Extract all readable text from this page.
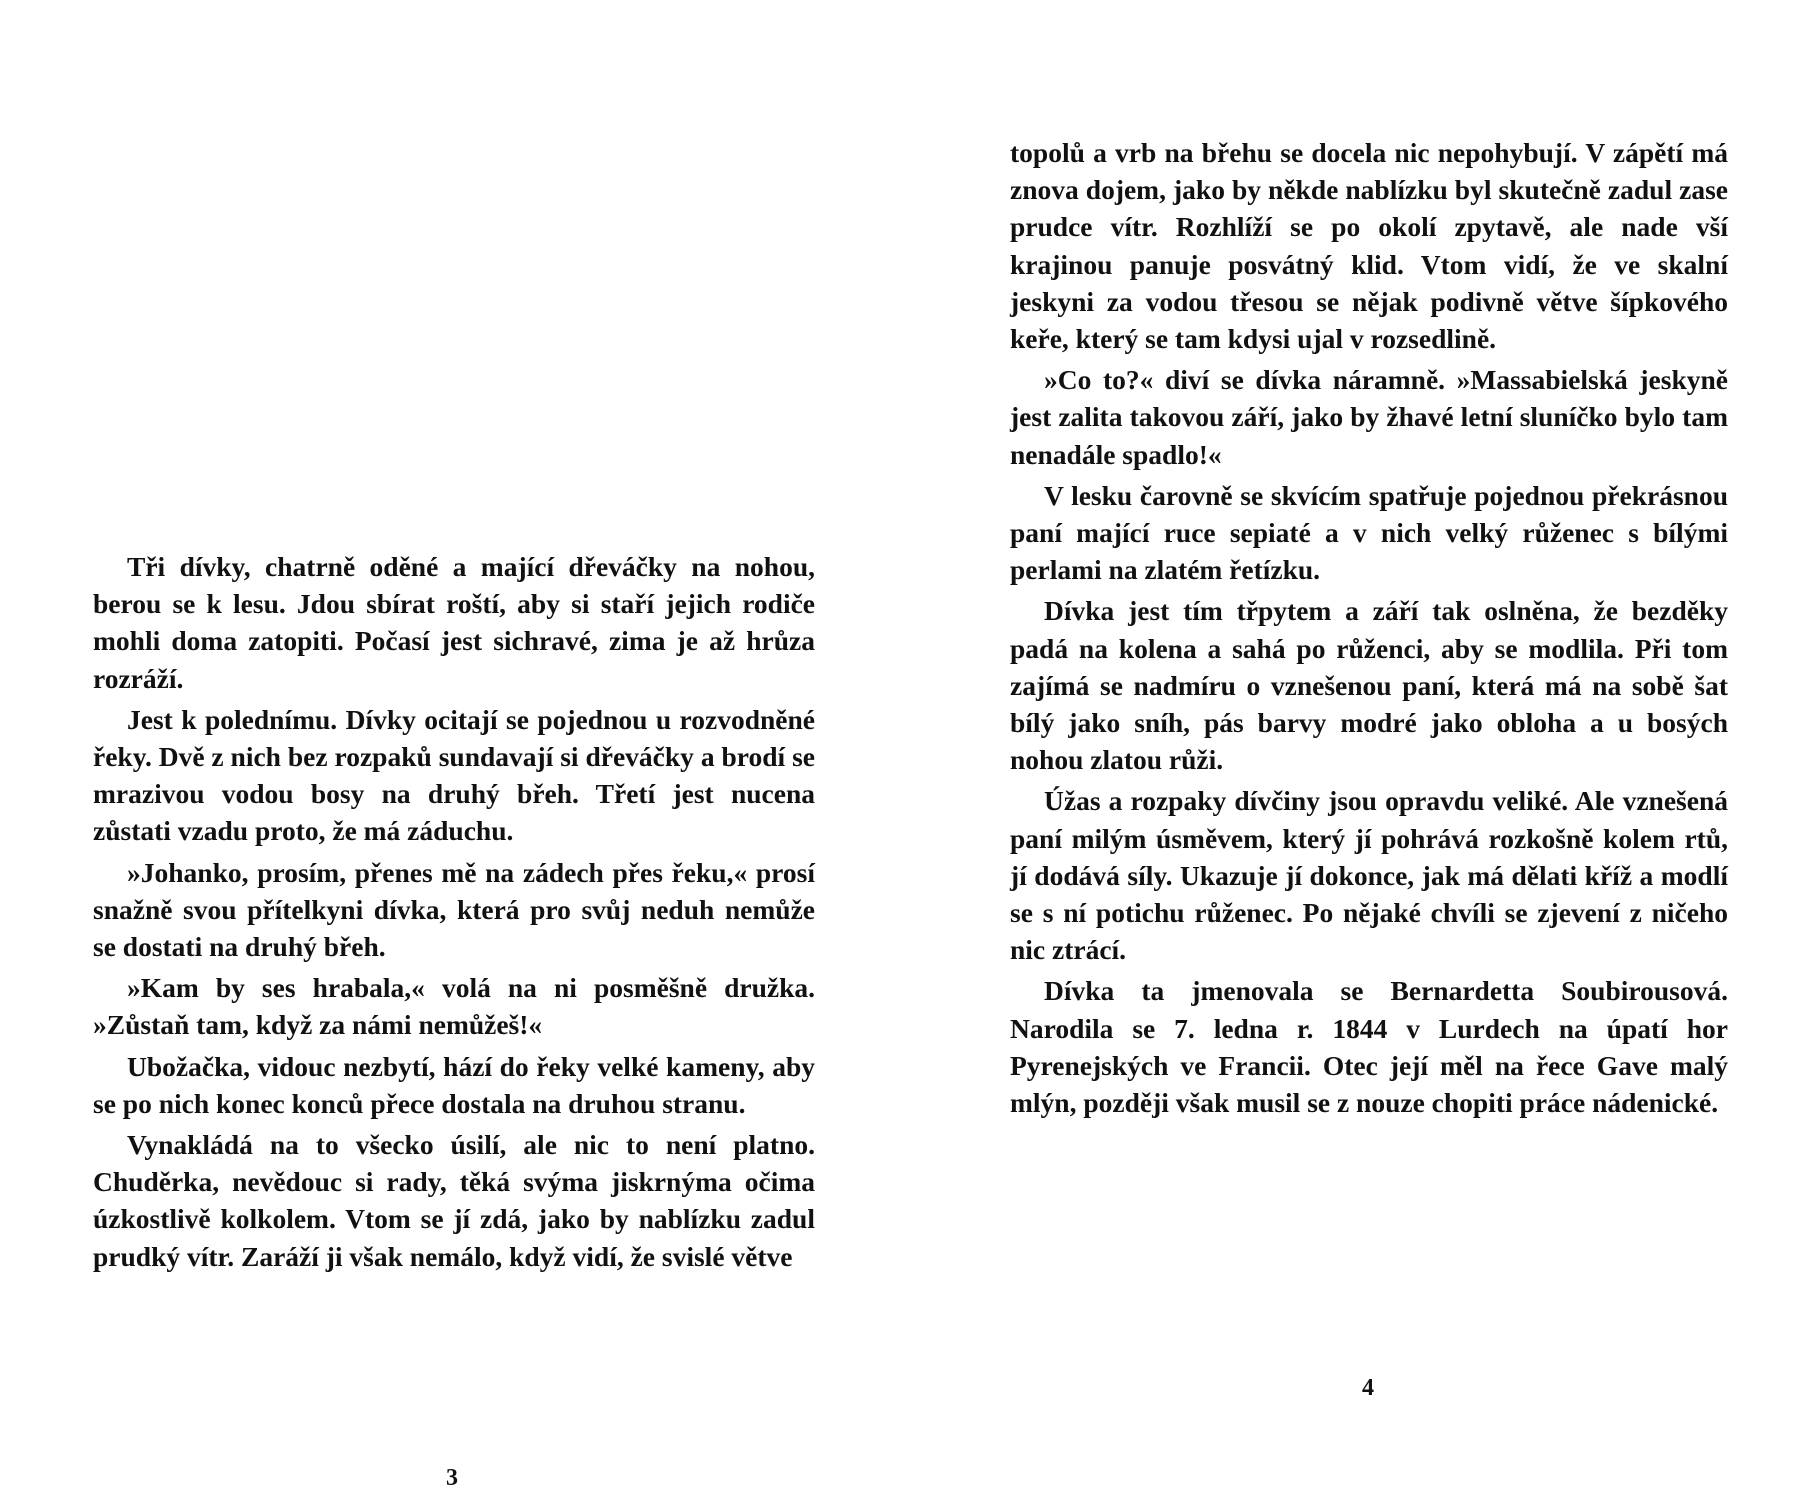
Tři dívky, chatrně oděné a mající dřeváčky na nohou, berou se k lesu. Jdou sbírat roští, aby si staří jejich rodiče mohli doma zatopiti. Počasí jest sichravé, zima je až hrůza rozráží.

Jest k polednímu. Dívky ocitají se pojednou u rozvodněné řeky. Dvě z nich bez rozpaků sundavají si dřeváčky a brodí se mrazivou vodou bosy na druhý břeh. Třetí jest nucena zůstati vzadu proto, že má záduchu.

»Johanko, prosím, přenes mě na zádech přes řeku,« prosí snažně svou přítelkyni dívka, která pro svůj neduh nemůže se dostati na druhý břeh.

»Kam by ses hrabala,« volá na ni posměšně družka. »Zůstaň tam, když za námi nemůžeš!«

Ubožačka, vidouc nezbytí, hází do řeky velké kameny, aby se po nich konec konců přece dostala na druhou stranu.

Vynakládá na to všecko úsilí, ale nic to není platno. Chuděrka, nevědouc si rady, těká svýma jiskrnýma očima úzkostlivě kolkolem. Vtom se jí zdá, jako by nablízku zadul prudký vítr. Zaráží ji však nemálo, když vidí, že svislé větve

3

topolů a vrb na břehu se docela nic nepohybují. V zápětí má znova dojem, jako by někde nablízku byl skutečně zadul zase prudce vítr. Rozhlíží se po okolí zpytavě, ale nade vší krajinou panuje posvátný klid. Vtom vidí, že ve skalní jeskyni za vodou třesou se nějak podivně větve šípkového keře, který se tam kdysi ujal v rozsedlině.

»Co to?« diví se dívka náramně. »Massabielská jeskyně jest zalita takovou září, jako by žhavé letní sluníčko bylo tam nenadále spadlo!«

V lesku čarovně se skvícím spatřuje pojednou překrásnou paní mající ruce sepiaté a v nich velký růženec s bílými perlami na zlatém řetízku.

Dívka jest tím třpytem a září tak oslněna, že bezděky padá na kolena a sahá po růženci, aby se modlila. Při tom zajímá se nadmíru o vznešenou paní, která má na sobě šat bílý jako sníh, pás barvy modré jako obloha a u bosých nohou zlatou růži.

Úžas a rozpaky dívčiny jsou opravdu veliké. Ale vznešená paní milým úsměvem, který jí pohrává rozkošně kolem rtů, jí dodává síly. Ukazuje jí dokonce, jak má dělati kříž a modlí se s ní potichu růženec. Po nějaké chvíli se zjevení z ničeho nic ztrácí.

Dívka ta jmenovala se Bernardetta Soubirousová. Narodila se 7. ledna r. 1844 v Lurdech na úpatí hor Pyrenejských ve Francii. Otec její měl na řece Gave malý mlýn, později však musil se z nouze chopiti práce nádenické.

4
